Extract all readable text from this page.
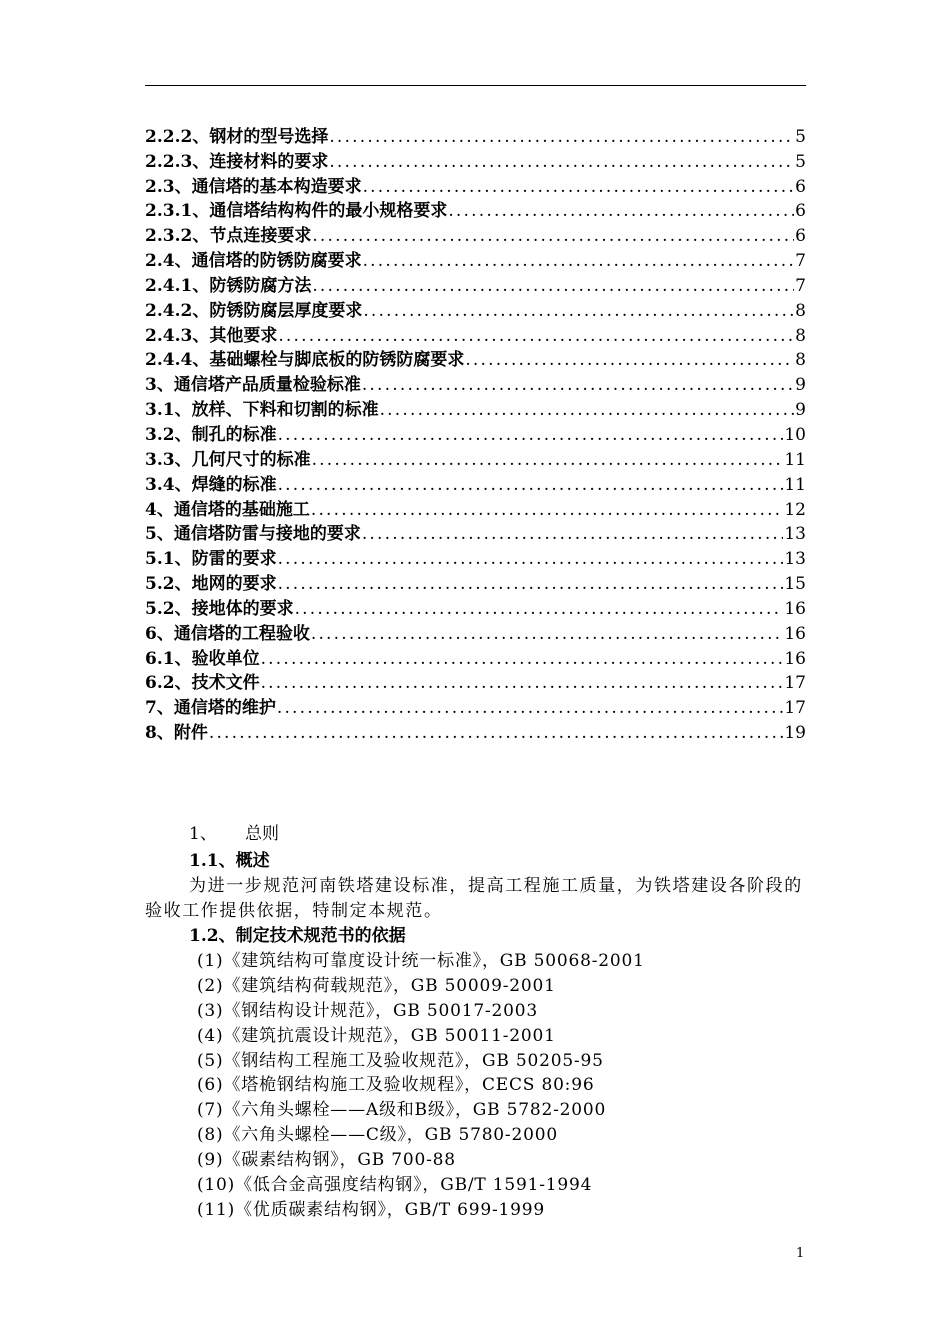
2.2.2、钢材的型号选择 .....	5
2.2.3、连接材料的要求 .....	5
2.3、通信塔的基本构造要求 .....	6
2.3.1、通信塔结构构件的最小规格要求 .....	6
2.3.2、节点连接要求 .....	6
2.4、通信塔的防锈防腐要求 .....	7
2.4.1、防锈防腐方法 .....	7
2.4.2、防锈防腐层厚度要求 .....	8
2.4.3、其他要求 .....	8
2.4.4、基础螺栓与脚底板的防锈防腐要求 .....	8
3、通信塔产品质量检验标准 .....	9
3.1、放样、下料和切割的标准 .....	9
3.2、制孔的标准 .....	10
3.3、几何尺寸的标准 .....	11
3.4、焊缝的标准 .....	11
4、通信塔的基础施工 .....	12
5、通信塔防雷与接地的要求 .....	13
5.1、防雷的要求 .....	13
5.2、地网的要求 .....	15
5.2、接地体的要求 .....	16
6、通信塔的工程验收 .....	16
6.1、验收单位 .....	16
6.2、技术文件 .....	17
7、通信塔的维护 .....	17
8、附件 .....	19
1、 总则
1.1、概述

为进一步规范河南铁塔建设标准，提高工程施工质量，为铁塔建设各阶段的验收工作提供依据，特制定本规范。

1.2、制定技术规范书的依据
(1)《建筑结构可靠度设计统一标准》，GB 50068-2001
(2)《建筑结构荷载规范》，GB 50009-2001
(3)《钢结构设计规范》，GB 50017-2003
(4)《建筑抗震设计规范》，GB 50011-2001
(5)《钢结构工程施工及验收规范》，GB 50205-95
(6)《塔桅钢结构施工及验收规程》，CECS 80:96
(7)《六角头螺栓——A级和B级》，GB 5782-2000
(8)《六角头螺栓——C级》，GB 5780-2000
(9)《碳素结构钢》，GB 700-88
(10)《低合金高强度结构钢》，GB/T 1591-1994
(11)《优质碳素结构钢》，GB/T 699-1999
1
